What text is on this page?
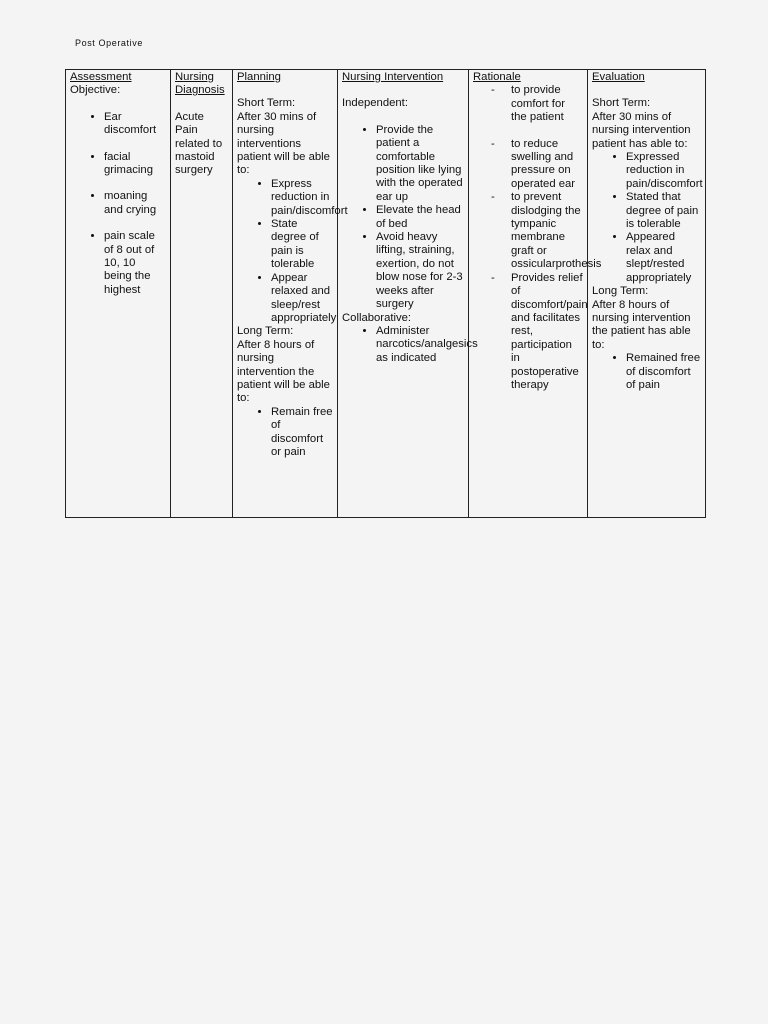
Post Operative
Assessment
Objective:
• Ear discomfort
• facial grimacing
• moaning and crying
• pain scale of 8 out of 10, 10 being the highest

Nursing Diagnosis
Acute Pain related to mastoid surgery

Planning
Short Term:
After 30 mins of nursing interventions patient will be able to:
• Express reduction in pain/discomfort
• State degree of pain is tolerable
• Appear relaxed and sleep/rest appropriately
Long Term:
After 8 hours of nursing intervention the patient will be able to:
• Remain free of discomfort or pain

Nursing Intervention
Independent:
• Provide the patient a comfortable position like lying with the operated ear up
• Elevate the head of bed
• Avoid heavy lifting, straining, exertion, do not blow nose for 2-3 weeks after surgery
Collaborative:
• Administer narcotics/analgesics as indicated

Rationale
- to provide comfort for the patient
- to reduce swelling and pressure on operated ear
- to prevent dislodging the tympanic membrane graft or ossicularprothesis
- Provides relief of discomfort/pain and facilitates rest, participation in postoperative therapy

Evaluation
Short Term:
After 30 mins of nursing intervention patient has able to:
• Expressed reduction in pain/discomfort
• Stated that degree of pain is tolerable
• Appeared relax and slept/rested appropriately
Long Term:
After 8 hours of nursing intervention the patient has able to:
• Remained free of discomfort of pain
